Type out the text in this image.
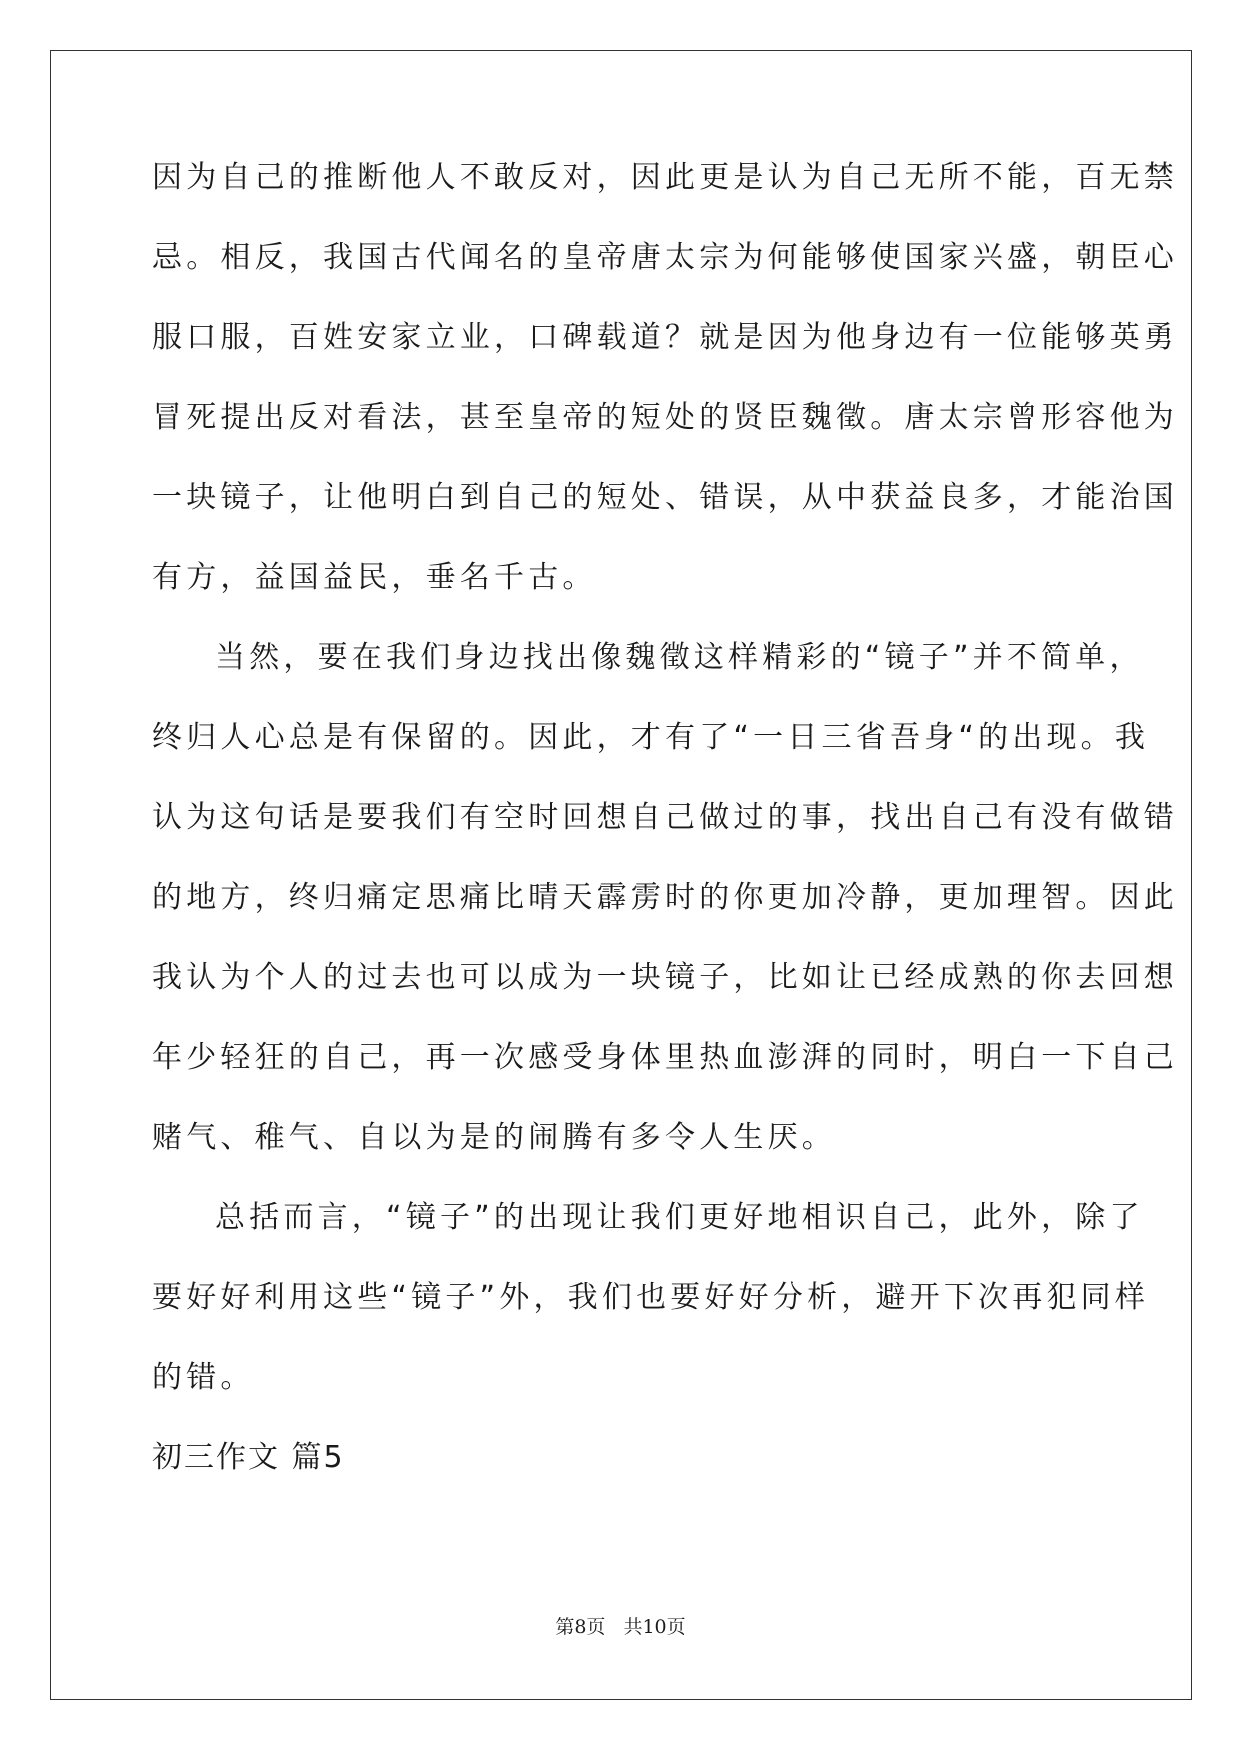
因为自己的推断他人不敢反对，因此更是认为自己无所不能，百无禁
忌。相反，我国古代闻名的皇帝唐太宗为何能够使国家兴盛，朝臣心
服口服，百姓安家立业，口碑载道？就是因为他身边有一位能够英勇
冒死提出反对看法，甚至皇帝的短处的贤臣魏徵。唐太宗曾形容他为
一块镜子，让他明白到自己的短处、错误，从中获益良多，才能治国
有方，益国益民，垂名千古。
当然，要在我们身边找出像魏徵这样精彩的“镜子”并不简单，
终归人心总是有保留的。因此，才有了“一日三省吾身“的出现。我
认为这句话是要我们有空时回想自己做过的事，找出自己有没有做错
的地方，终归痛定思痛比晴天霹雳时的你更加冷静，更加理智。因此
我认为个人的过去也可以成为一块镜子，比如让已经成熟的你去回想
年少轻狂的自己，再一次感受身体里热血澎湃的同时，明白一下自己
赌气、稚气、自以为是的闹腾有多令人生厌。
总括而言，“镜子”的出现让我们更好地相识自己，此外，除了
要好好利用这些“镜子”外，我们也要好好分析，避开下次再犯同样
的错。
初三作文 篇5
第8页 共10页
